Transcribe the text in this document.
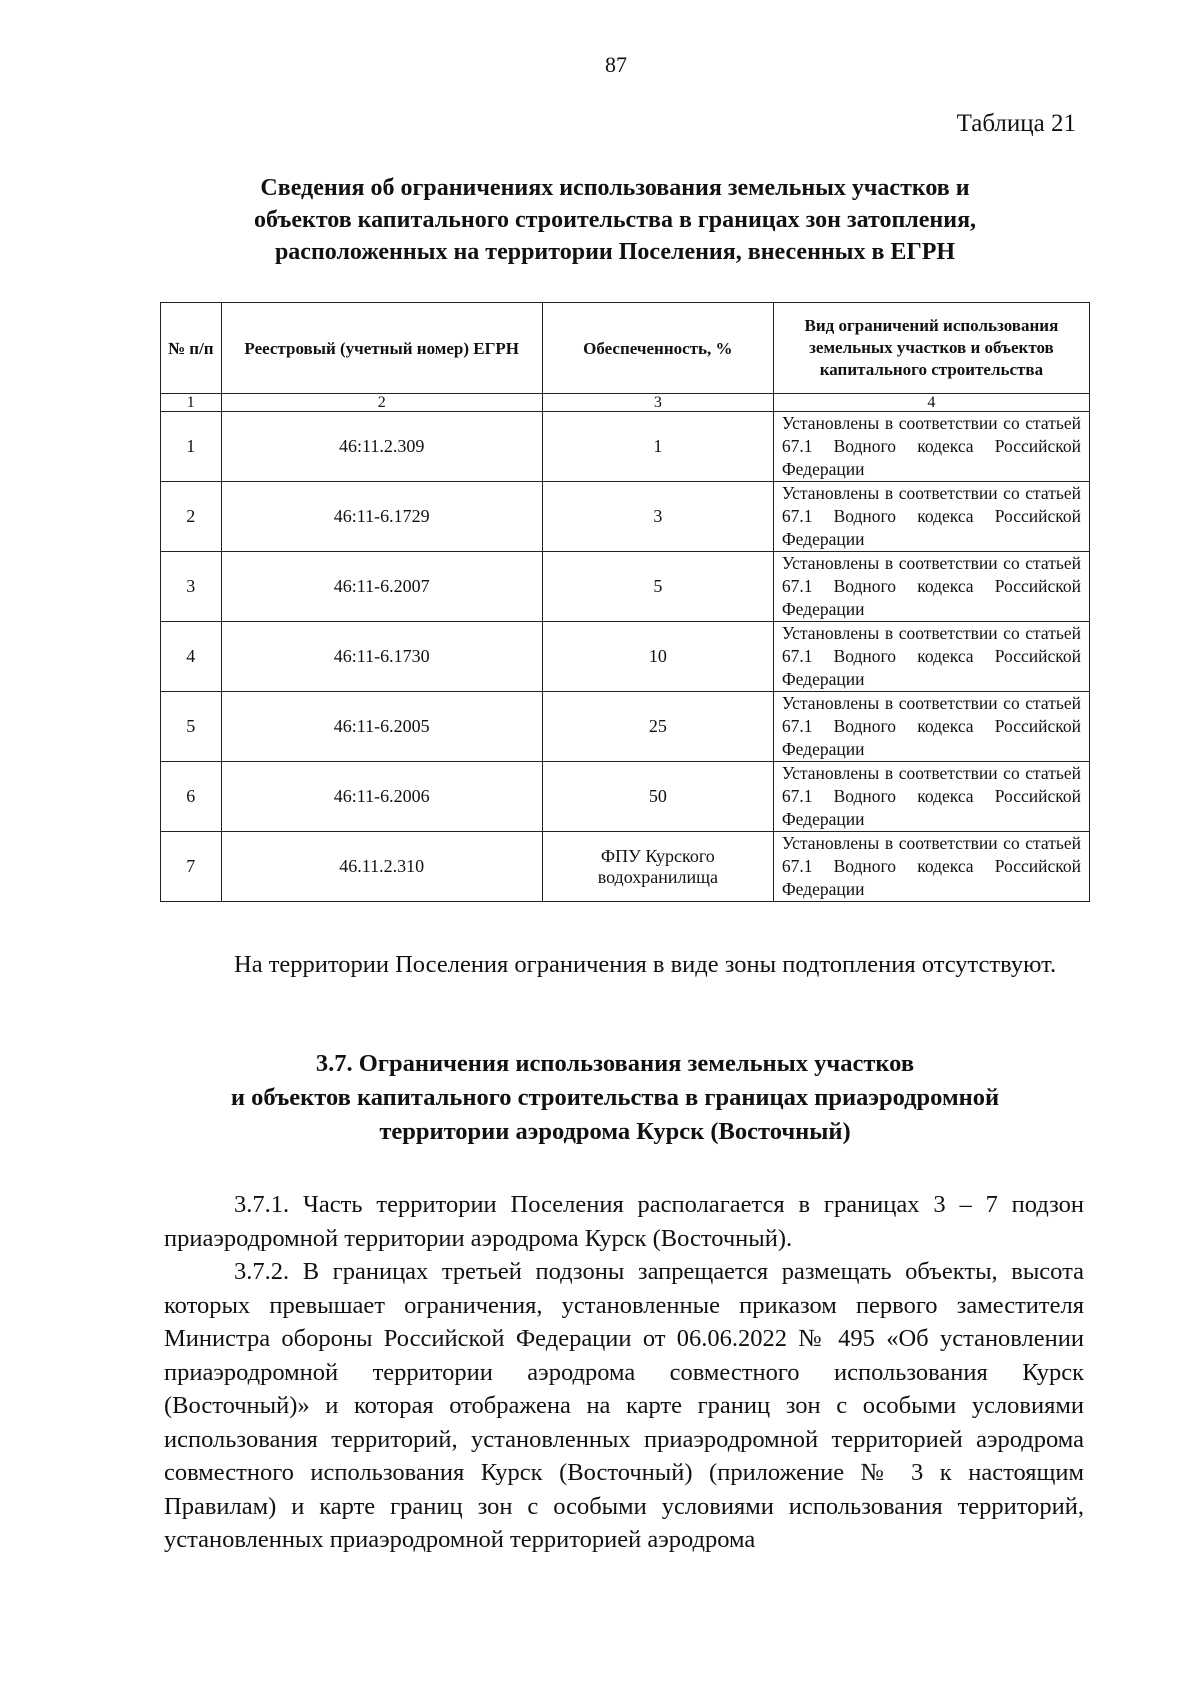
87
Таблица 21
Сведения об ограничениях использования земельных участков и
объектов капитального строительства в границах зон затопления,
расположенных на территории Поселения, внесенных в ЕГРН
№ п/п	Реестровый (учетный номер) ЕГРН	Обеспеченность, %	Вид ограничений использования земельных участков и объектов капитального строительства
1	2	3	4
1	46:11.2.309	1	Установлены в соответствии со статьей 67.1 Водного кодекса Российской Федерации
2	46:11-6.1729	3	Установлены в соответствии со статьей 67.1 Водного кодекса Российской Федерации
3	46:11-6.2007	5	Установлены в соответствии со статьей 67.1 Водного кодекса Российской Федерации
4	46:11-6.1730	10	Установлены в соответствии со статьей 67.1 Водного кодекса Российской Федерации
5	46:11-6.2005	25	Установлены в соответствии со статьей 67.1 Водного кодекса Российской Федерации
6	46:11-6.2006	50	Установлены в соответствии со статьей 67.1 Водного кодекса Российской Федерации
7	46.11.2.310	ФПУ Курского водохранилища	Установлены в соответствии со статьей 67.1 Водного кодекса Российской Федерации
На территории Поселения ограничения в виде зоны подтопления отсутствуют.
3.7. Ограничения использования земельных участков
и объектов капитального строительства в границах приаэродромной
территории аэродрома Курск (Восточный)

3.7.1. Часть территории Поселения располагается в границах 3 – 7 подзон приаэродромной территории аэродрома Курск (Восточный).

3.7.2. В границах третьей подзоны запрещается размещать объекты, высота которых превышает ограничения, установленные приказом первого заместителя Министра обороны Российской Федерации от 06.06.2022 № 495 «Об установлении приаэродромной территории аэродрома совместного использования Курск (Восточный)» и которая отображена на карте границ зон с особыми условиями использования территорий, установленных приаэродромной территорией аэродрома совместного использования Курск (Восточный) (приложение № 3 к настоящим Правилам) и карте границ зон с особыми условиями использования территорий, установленных приаэродромной территорией аэродрома
